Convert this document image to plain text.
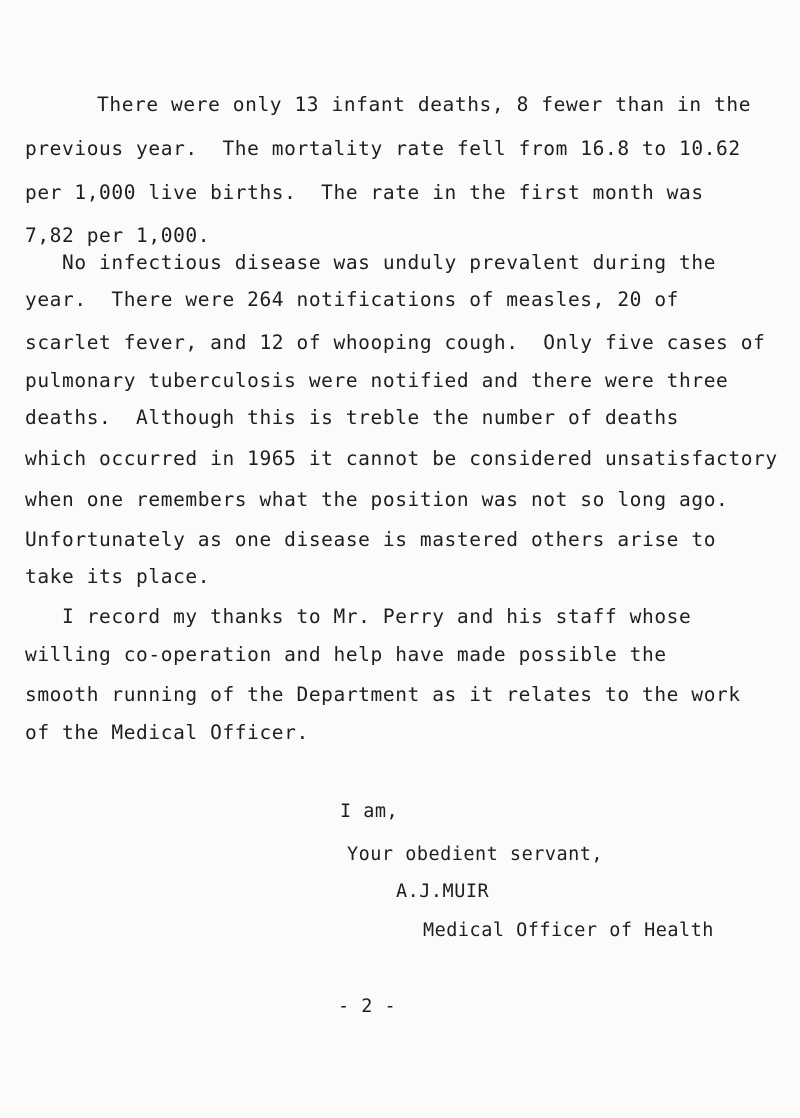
There were only 13 infant deaths, 8 fewer than in the
previous year.  The mortality rate fell from 16.8 to 10.62
per 1,000 live births.  The rate in the first month was
7,82 per 1,000.
No infectious disease was unduly prevalent during the
year.  There were 264 notifications of measles, 20 of
scarlet fever, and 12 of whooping cough.  Only five cases of
pulmonary tuberculosis were notified and there were three
deaths.  Although this is treble the number of deaths
which occurred in 1965 it cannot be considered unsatisfactory
when one remembers what the position was not so long ago.
Unfortunately as one disease is mastered others arise to
take its place.
I record my thanks to Mr. Perry and his staff whose
willing co-operation and help have made possible the
smooth running of the Department as it relates to the work
of the Medical Officer.
I am,
Your obedient servant,
A.J.MUIR
Medical Officer of Health
- 2 -
